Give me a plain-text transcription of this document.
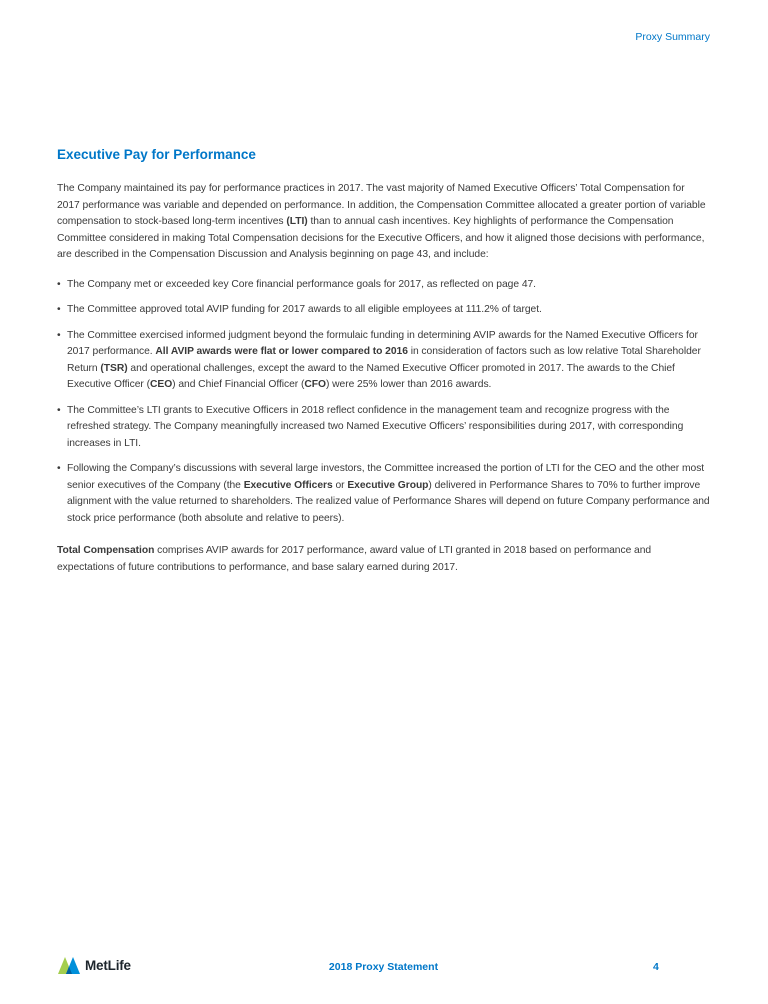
Proxy Summary
Executive Pay for Performance

The Company maintained its pay for performance practices in 2017. The vast majority of Named Executive Officers’ Total Compensation for 2017 performance was variable and depended on performance. In addition, the Compensation Committee allocated a greater portion of variable compensation to stock-based long-term incentives (LTI) than to annual cash incentives. Key highlights of performance the Compensation Committee considered in making Total Compensation decisions for the Executive Officers, and how it aligned those decisions with performance, are described in the Compensation Discussion and Analysis beginning on page 43, and include:

• The Company met or exceeded key Core financial performance goals for 2017, as reflected on page 47.
• The Committee approved total AVIP funding for 2017 awards to all eligible employees at 111.2% of target.
• The Committee exercised informed judgment beyond the formulaic funding in determining AVIP awards for the Named Executive Officers for 2017 performance. All AVIP awards were flat or lower compared to 2016 in consideration of factors such as low relative Total Shareholder Return (TSR) and operational challenges, except the award to the Named Executive Officer promoted in 2017. The awards to the Chief Executive Officer (CEO) and Chief Financial Officer (CFO) were 25% lower than 2016 awards.
• The Committee’s LTI grants to Executive Officers in 2018 reflect confidence in the management team and recognize progress with the refreshed strategy. The Company meaningfully increased two Named Executive Officers’ responsibilities during 2017, with corresponding increases in LTI.
• Following the Company’s discussions with several large investors, the Committee increased the portion of LTI for the CEO and the other most senior executives of the Company (the Executive Officers or Executive Group) delivered in Performance Shares to 70% to further improve alignment with the value returned to shareholders. The realized value of Performance Shares will depend on future Company performance and stock price performance (both absolute and relative to peers).

Total Compensation comprises AVIP awards for 2017 performance, award value of LTI granted in 2018 based on performance and expectations of future contributions to performance, and base salary earned during 2017.

MetLife	2018 Proxy Statement	4
